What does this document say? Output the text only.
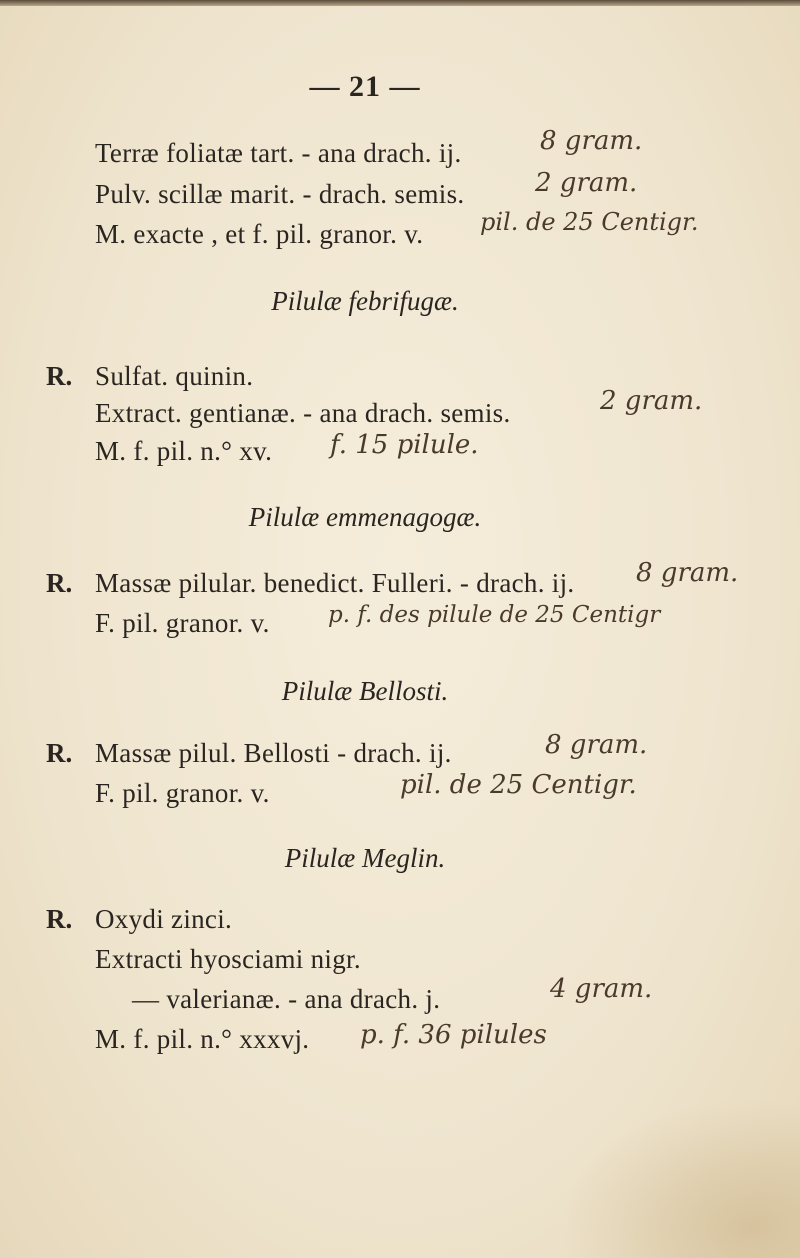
— 21 —
Terræ foliatæ tart. - ana drach. ij.
Pulv. scillæ marit. - drach. semis.
M. exacte , et f. pil. granor. v.
8 gram.
2 gram.
pil. de 25 Centigr.
Pilulæ febrifugæ.
R. Sulfat. quinin.
Extract. gentianæ. - ana drach. semis.
M. f. pil. n.° xv.
2 gram.
f. 15 pilule.
Pilulæ emmenagogæ.
R. Massæ pilular. benedict. Fulleri. - drach. ij.
F. pil. granor. v.
8 gram.
p. f. des pilule de 25 Centigr
Pilulæ Bellosti.
R. Massæ pilul. Bellosti - drach. ij.
F. pil. granor. v.
8 gram.
pil. de 25 Centigr.
Pilulæ Meglin.
R. Oxydi zinci.
Extracti hyosciami nigr.
— valerianæ. - ana drach. j.
M. f. pil. n.° xxxvj.
4 gram.
p. f. 36 pilules
